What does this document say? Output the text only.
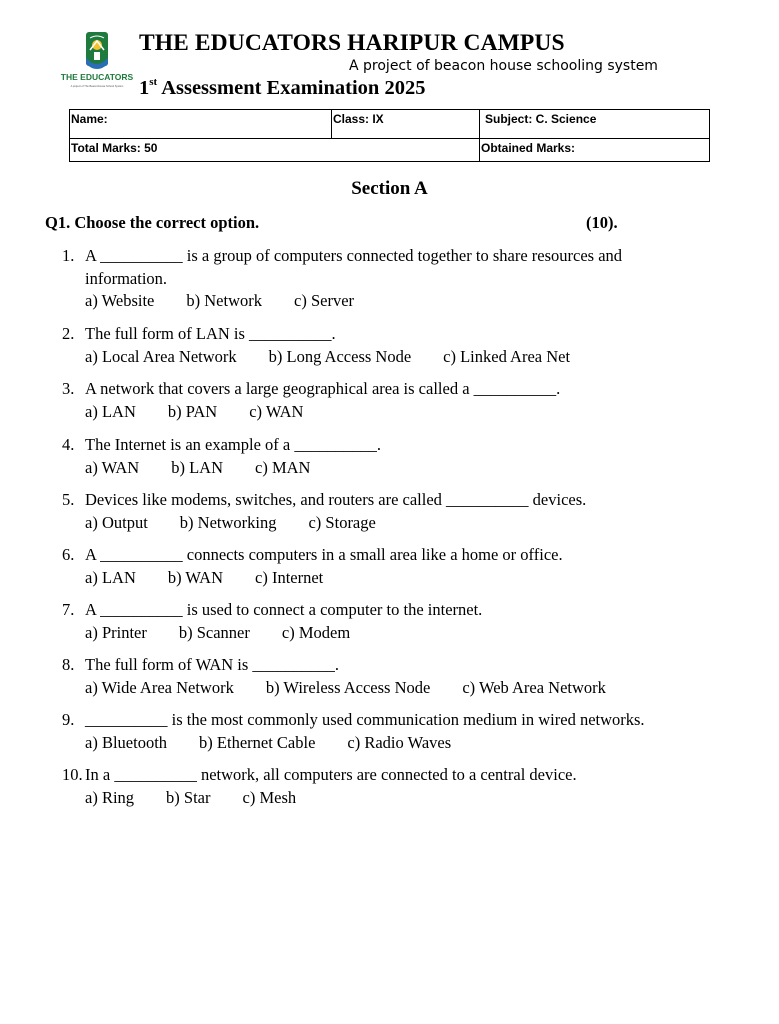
THE EDUCATORS
A project of The Beaconhouse School System
THE EDUCATORS HARIPUR CAMPUS
A project of beacon house schooling system
1st Assessment Examination 2025
Name:	Class: IX	Subject: C. Science
Total Marks: 50		Obtained Marks:
Section A
Q1. Choose the correct option.	(10).
1. A __________ is a group of computers connected together to share resources and information.
a) Website b) Network c) Server
2. The full form of LAN is __________.
a) Local Area Network b) Long Access Node c) Linked Area Net
3. A network that covers a large geographical area is called a __________.
a) LAN b) PAN c) WAN
4. The Internet is an example of a __________.
a) WAN b) LAN c) MAN
5. Devices like modems, switches, and routers are called __________ devices.
a) Output b) Networking c) Storage
6. A __________ connects computers in a small area like a home or office.
a) LAN b) WAN c) Internet
7. A __________ is used to connect a computer to the internet.
a) Printer b) Scanner c) Modem
8. The full form of WAN is __________.
a) Wide Area Network b) Wireless Access Node c) Web Area Network
9. __________ is the most commonly used communication medium in wired networks.
a) Bluetooth b) Ethernet Cable c) Radio Waves
10. In a __________ network, all computers are connected to a central device.
a) Ring b) Star c) Mesh
